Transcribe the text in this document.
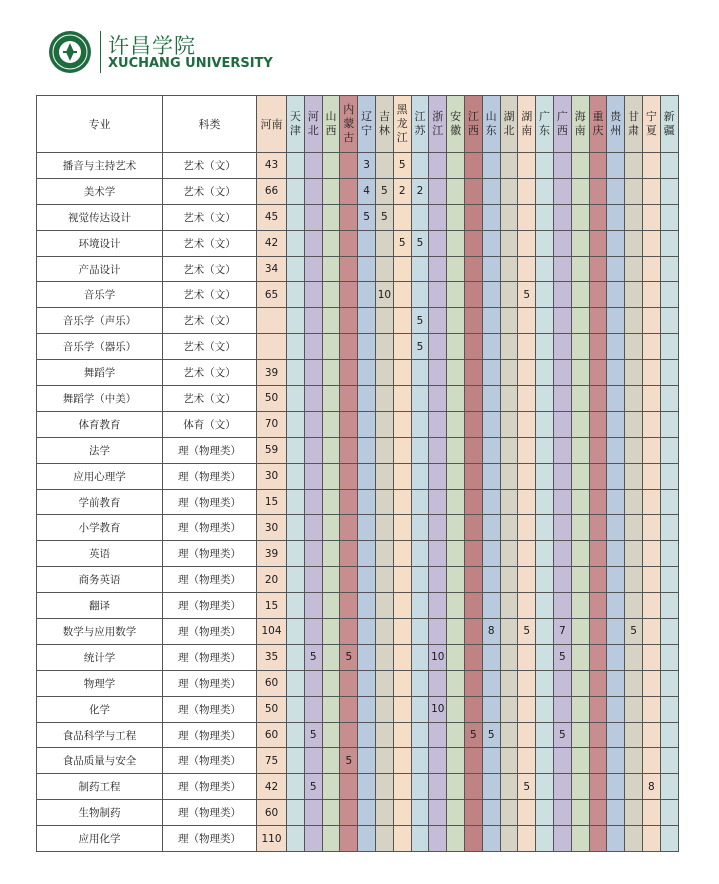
许昌学院
XUCHANG UNIVERSITY
专业	科类	河南	天津	河北	山西	内蒙古	辽宁	吉林	黑龙江	江苏	浙江	安徽	江西	山东	湖北	湖南	广东	广西	海南	重庆	贵州	甘肃	宁夏	新疆
播音与主持艺术	艺术（文）	43					3		5															
美术学	艺术（文）	66					4	5	2	2														
视觉传达设计	艺术（文）	45					5	5																
环境设计	艺术（文）	42							5	5														
产品设计	艺术（文）	34																						
音乐学	艺术（文）	65						10								5								
音乐学（声乐）	艺术（文）									5														
音乐学（器乐）	艺术（文）									5														
舞蹈学	艺术（文）	39																						
舞蹈学（中美）	艺术（文）	50																						
体育教育	体育（文）	70																						
法学	理（物理类）	59																						
应用心理学	理（物理类）	30																						
学前教育	理（物理类）	15																						
小学教育	理（物理类）	30																						
英语	理（物理类）	39																						
商务英语	理（物理类）	20																						
翻译	理（物理类）	15																						
数学与应用数学	理（物理类）	104												8		5		7				5		
统计学	理（物理类）	35		5		5					10							5						
物理学	理（物理类）	60																						
化学	理（物理类）	50									10													
食品科学与工程	理（物理类）	60		5									5	5				5						
食品质量与安全	理（物理类）	75				5																		
制药工程	理（物理类）	42		5												5							8	
生物制药	理（物理类）	60																						
应用化学	理（物理类）	110																						
